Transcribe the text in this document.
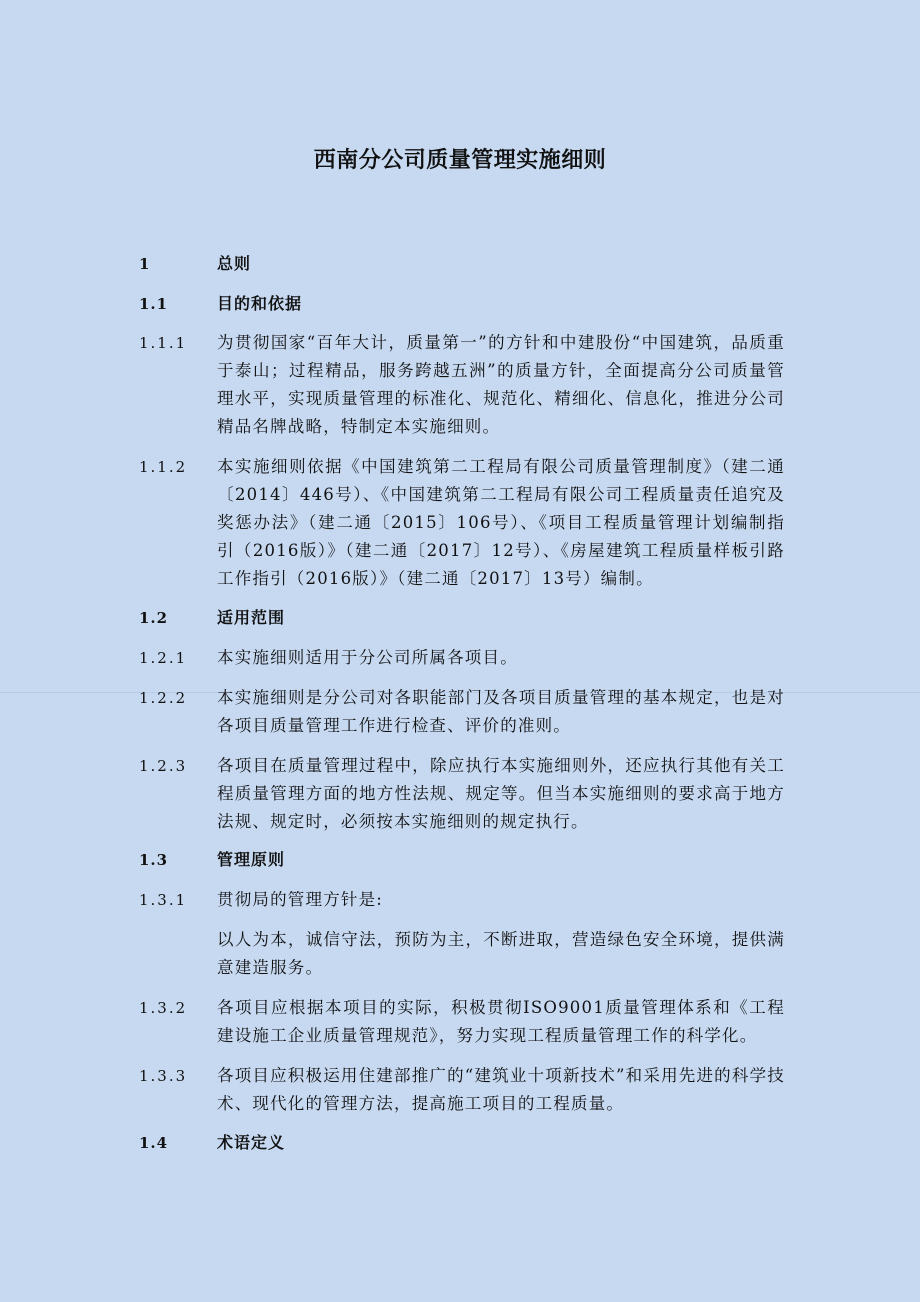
西南分公司质量管理实施细则
1	总则
1.1	目的和依据
1.1.1 为贯彻国家“百年大计，质量第一”的方针和中建股份“中国建筑，品质重于泰山；过程精品，服务跨越五洲”的质量方针，全面提高分公司质量管理水平，实现质量管理的标准化、规范化、精细化、信息化，推进分公司精品名牌战略，特制定本实施细则。
1.1.2 本实施细则依据《中国建筑第二工程局有限公司质量管理制度》（建二通〔2014〕446号）、《中国建筑第二工程局有限公司工程质量责任追究及奖惩办法》（建二通〔2015〕106号）、《项目工程质量管理计划编制指引（2016版）》（建二通〔2017〕12号）、《房屋建筑工程质量样板引路工作指引（2016版）》（建二通〔2017〕13号）编制。
1.2	适用范围
1.2.1 本实施细则适用于分公司所属各项目。
1.2.2 本实施细则是分公司对各职能部门及各项目质量管理的基本规定，也是对各项目质量管理工作进行检查、评价的准则。
1.2.3 各项目在质量管理过程中，除应执行本实施细则外，还应执行其他有关工程质量管理方面的地方性法规、规定等。但当本实施细则的要求高于地方法规、规定时，必须按本实施细则的规定执行。
1.3	管理原则
1.3.1 贯彻局的管理方针是:
以人为本，诚信守法，预防为主，不断进取，营造绿色安全环境，提供满意建造服务。
1.3.2 各项目应根据本项目的实际，积极贯彻ISO9001质量管理体系和《工程建设施工企业质量管理规范》，努力实现工程质量管理工作的科学化。
1.3.3 各项目应积极运用住建部推广的“建筑业十项新技术”和采用先进的科学技术、现代化的管理方法，提高施工项目的工程质量。
1.4	术语定义
